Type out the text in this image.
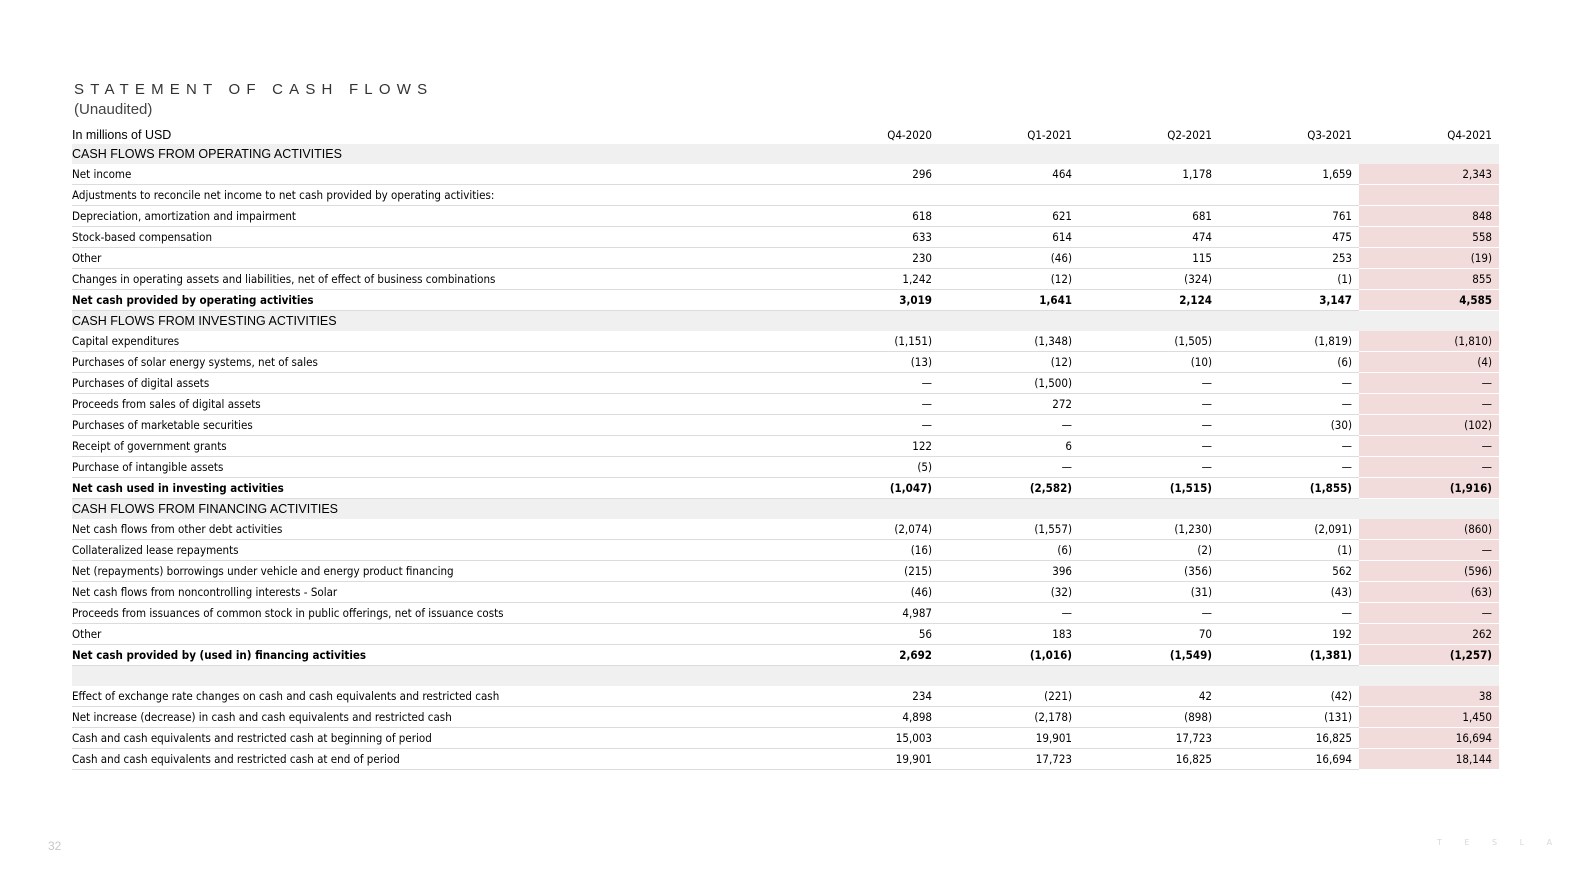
STATEMENT OF CASH FLOWS
(Unaudited)
In millions of USD	Q4-2020	Q1-2021	Q2-2021	Q3-2021	Q4-2021
CASH FLOWS FROM OPERATING ACTIVITIES					
Net income	296	464	1,178	1,659	2,343
Adjustments to reconcile net income to net cash provided by operating activities:					
Depreciation, amortization and impairment	618	621	681	761	848
Stock-based compensation	633	614	474	475	558
Other	230	(46)	115	253	(19)
Changes in operating assets and liabilities, net of effect of business combinations	1,242	(12)	(324)	(1)	855
Net cash provided by operating activities	3,019	1,641	2,124	3,147	4,585
CASH FLOWS FROM INVESTING ACTIVITIES					
Capital expenditures	(1,151)	(1,348)	(1,505)	(1,819)	(1,810)
Purchases of solar energy systems, net of sales	(13)	(12)	(10)	(6)	(4)
Purchases of digital assets	—	(1,500)	—	—	—
Proceeds from sales of digital assets	—	272	—	—	—
Purchases of marketable securities	—	—	—	(30)	(102)
Receipt of government grants	122	6	—	—	—
Purchase of intangible assets	(5)	—	—	—	—
Net cash used in investing activities	(1,047)	(2,582)	(1,515)	(1,855)	(1,916)
CASH FLOWS FROM FINANCING ACTIVITIES					
Net cash flows from other debt activities	(2,074)	(1,557)	(1,230)	(2,091)	(860)
Collateralized lease repayments	(16)	(6)	(2)	(1)	—
Net (repayments) borrowings under vehicle and energy product financing	(215)	396	(356)	562	(596)
Net cash flows from noncontrolling interests - Solar	(46)	(32)	(31)	(43)	(63)
Proceeds from issuances of common stock in public offerings, net of issuance costs	4,987	—	—	—	—
Other	56	183	70	192	262
Net cash provided by (used in) financing activities	2,692	(1,016)	(1,549)	(1,381)	(1,257)

Effect of exchange rate changes on cash and cash equivalents and restricted cash	234	(221)	42	(42)	38
Net increase (decrease) in cash and cash equivalents and restricted cash	4,898	(2,178)	(898)	(131)	1,450
Cash and cash equivalents and restricted cash at beginning of period	15,003	19,901	17,723	16,825	16,694
Cash and cash equivalents and restricted cash at end of period	19,901	17,723	16,825	16,694	18,144
32	T E S L A
